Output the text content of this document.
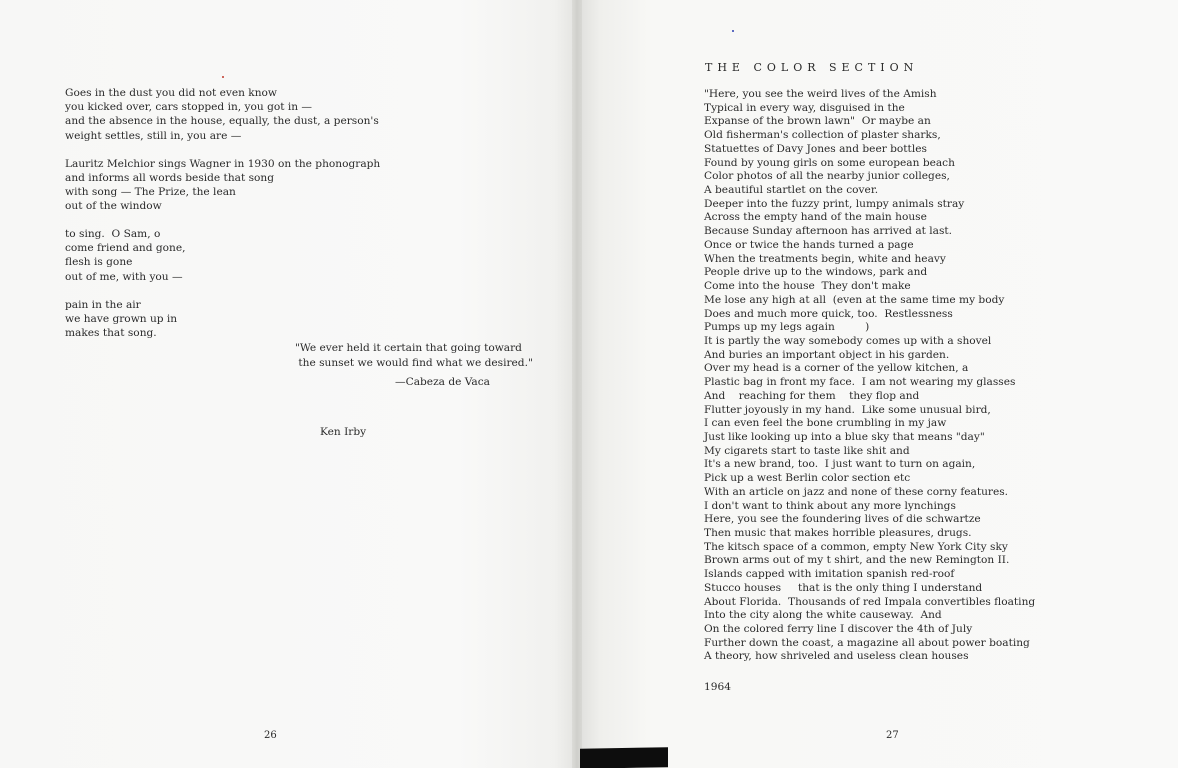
Goes in the dust you did not even know
you kicked over, cars stopped in, you got in —
and the absence in the house, equally, the dust, a person's
weight settles, still in, you are —
Lauritz Melchior sings Wagner in 1930 on the phonograph
and informs all words beside that song
with song — The Prize, the lean
out of the window
to sing.  O Sam, o
come friend and gone,
flesh is gone
out of me, with you —
pain in the air
we have grown up in
makes that song.
"We ever held it certain that going toward
the sunset we would find what we desired."
—Cabeza de Vaca
Ken Irby
26
THE COLOR SECTION
"Here, you see the weird lives of the Amish
Typical in every way, disguised in the
Expanse of the brown lawn"  Or maybe an
Old fisherman's collection of plaster sharks,
Statuettes of Davy Jones and beer bottles
Found by young girls on some european beach
Color photos of all the nearby junior colleges,
A beautiful startlet on the cover.
Deeper into the fuzzy print, lumpy animals stray
Across the empty hand of the main house
Because Sunday afternoon has arrived at last.
Once or twice the hands turned a page
When the treatments begin, white and heavy
People drive up to the windows, park and
Come into the house  They don't make
Me lose any high at all  (even at the same time my body
Does and much more quick, too.  Restlessness
Pumps up my legs again         )
It is partly the way somebody comes up with a shovel
And buries an important object in his garden.
Over my head is a corner of the yellow kitchen, a
Plastic bag in front my face.  I am not wearing my glasses
And    reaching for them    they flop and
Flutter joyously in my hand.  Like some unusual bird,
I can even feel the bone crumbling in my jaw
Just like looking up into a blue sky that means "day"
My cigarets start to taste like shit and
It's a new brand, too.  I just want to turn on again,
Pick up a west Berlin color section etc
With an article on jazz and none of these corny features.
I don't want to think about any more lynchings
Here, you see the foundering lives of die schwartze
Then music that makes horrible pleasures, drugs.
The kitsch space of a common, empty New York City sky
Brown arms out of my t shirt, and the new Remington II.
Islands capped with imitation spanish red-roof
Stucco houses     that is the only thing I understand
About Florida.  Thousands of red Impala convertibles floating
Into the city along the white causeway.  And
On the colored ferry line I discover the 4th of July
Further down the coast, a magazine all about power boating
A theory, how shriveled and useless clean houses
1964
27
